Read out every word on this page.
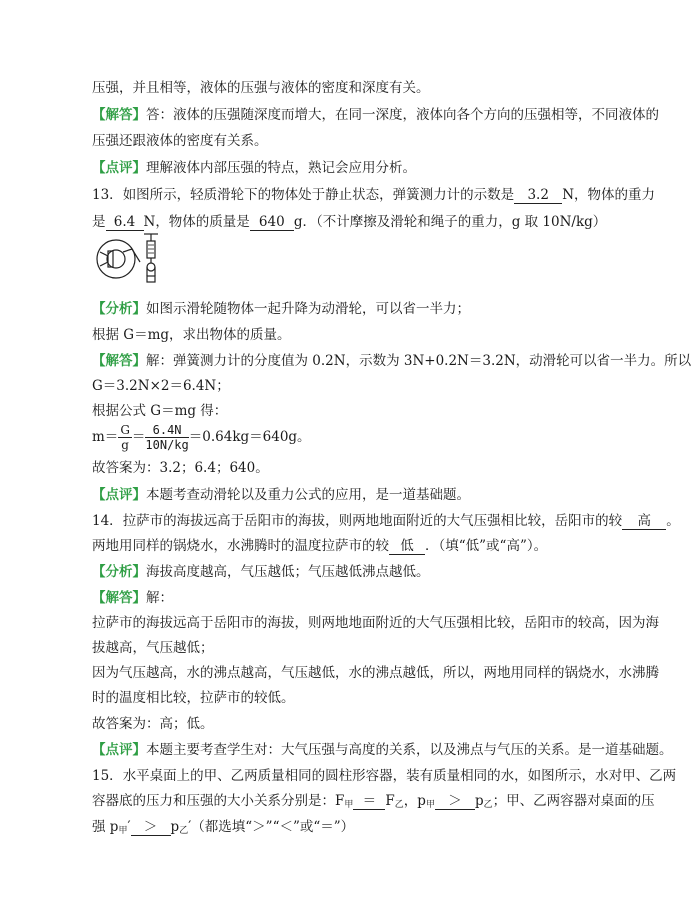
压强，并且相等，液体的压强与液体的密度和深度有关。
【解答】答：液体的压强随深度而增大，在同一深度，液体向各个方向的压强相等，不同液体的
压强还跟液体的密度有关系。
【点评】理解液体内部压强的特点，熟记会应用分析。
13．如图所示，轻质滑轮下的物体处于静止状态，弹簧测力计的示数是 3.2 N，物体的重力
是 6.4 N，物体的质量是 640 g．（不计摩擦及滑轮和绳子的重力，g 取 10N/kg）
【分析】如图示滑轮随物体一起升降为动滑轮，可以省一半力；
根据 G＝mg，求出物体的质量。
【解答】解：弹簧测力计的分度值为 0.2N，示数为 3N+0.2N＝3.2N，动滑轮可以省一半力。所以
G＝3.2N×2＝6.4N；
根据公式 G＝mg 得：
$m= \frac{G}{g} = \frac{6.4N}{10N/kg} =0.64kg=640g$。
故答案为：3.2；6.4；640。
【点评】本题考查动滑轮以及重力公式的应用，是一道基础题。
14．拉萨市的海拔远高于岳阳市的海拔，则两地地面附近的大气压强相比较，岳阳市的较 高 。
两地用同样的锅烧水，水沸腾时的温度拉萨市的较 低 ．（填“低”或“高”）。
【分析】海拔高度越高，气压越低；气压越低沸点越低。
【解答】解：
拉萨市的海拔远高于岳阳市的海拔，则两地地面附近的大气压强相比较，岳阳市的较高，因为海
拔越高，气压越低；
因为气压越高，水的沸点越高，气压越低，水的沸点越低，所以，两地用同样的锅烧水，水沸腾
时的温度相比较，拉萨市的较低。
故答案为：高；低。
【点评】本题主要考查学生对：大气压强与高度的关系，以及沸点与气压的关系。是一道基础题。
15．水平桌面上的甲、乙两质量相同的圆柱形容器，装有质量相同的水，如图所示，水对甲、乙两
容器底的压力和压强的大小关系分别是：$F_甲 = F_乙$，$p_甲 > p_乙$；甲、乙两容器对桌面的压
强 $p_甲' > p_乙'$（都选填“＞”“＜”或“＝”）
